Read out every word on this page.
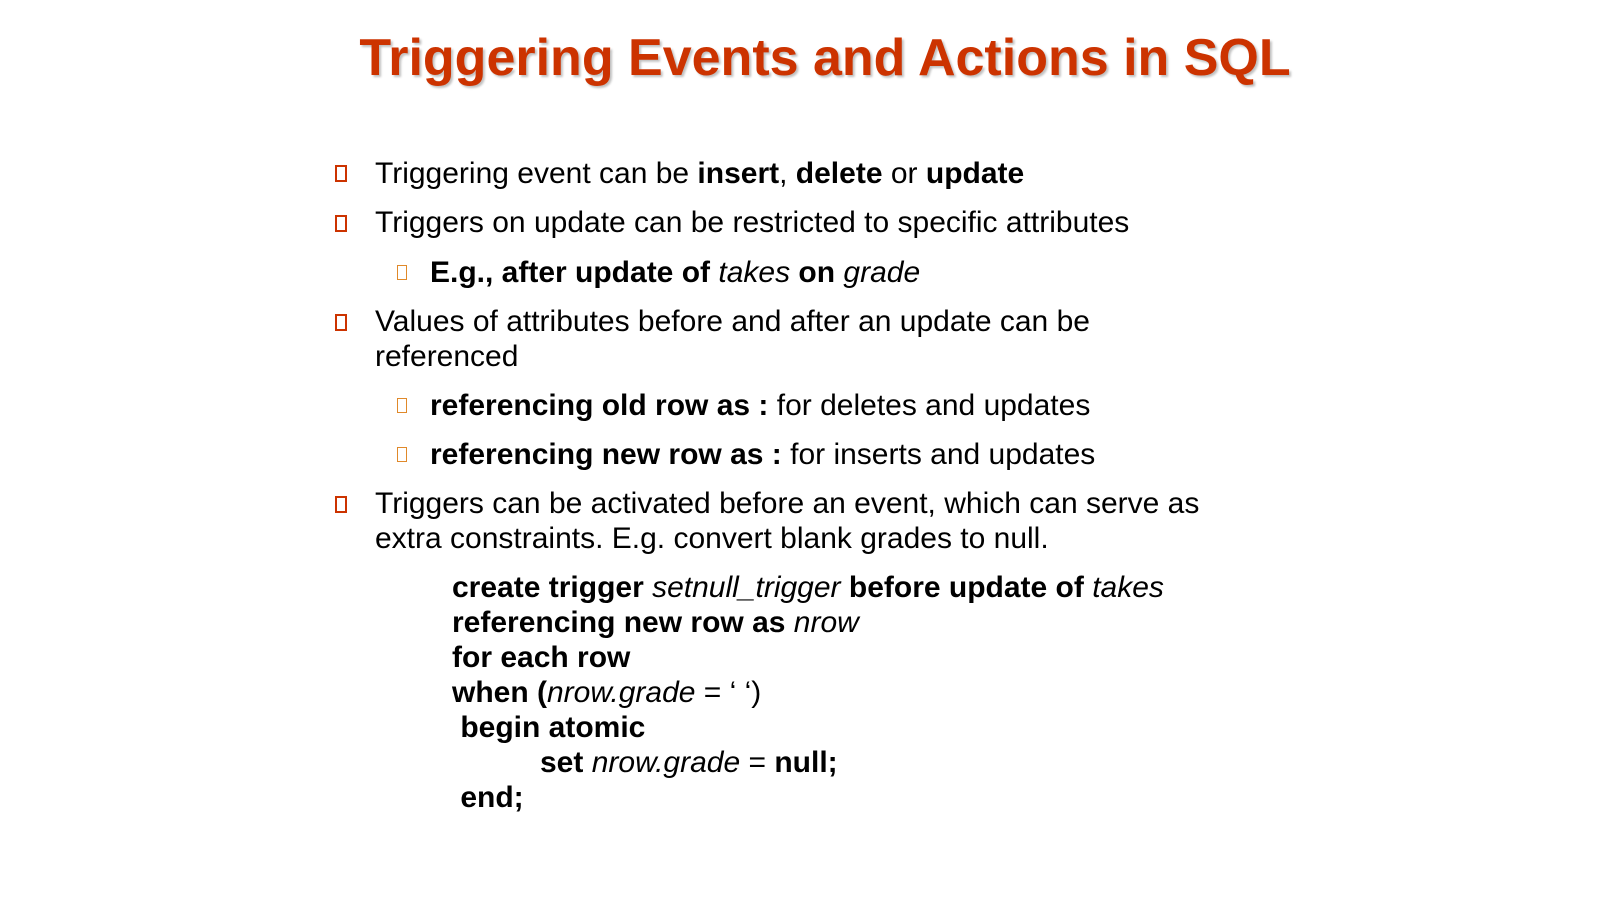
Triggering Events and Actions in SQL
Triggering event can be insert, delete or update
Triggers on update can be restricted to specific attributes
E.g., after update of takes on grade
Values of attributes before and after an update can be
referenced
referencing old row as : for deletes and updates
referencing new row as : for inserts and updates
Triggers can be activated before an event, which can serve as
extra constraints. E.g. convert blank grades to null.
create trigger setnull_trigger before update of takes
referencing new row as nrow
for each row
when (nrow.grade = ‘ ‘)
begin atomic
set nrow.grade = null;
end;
